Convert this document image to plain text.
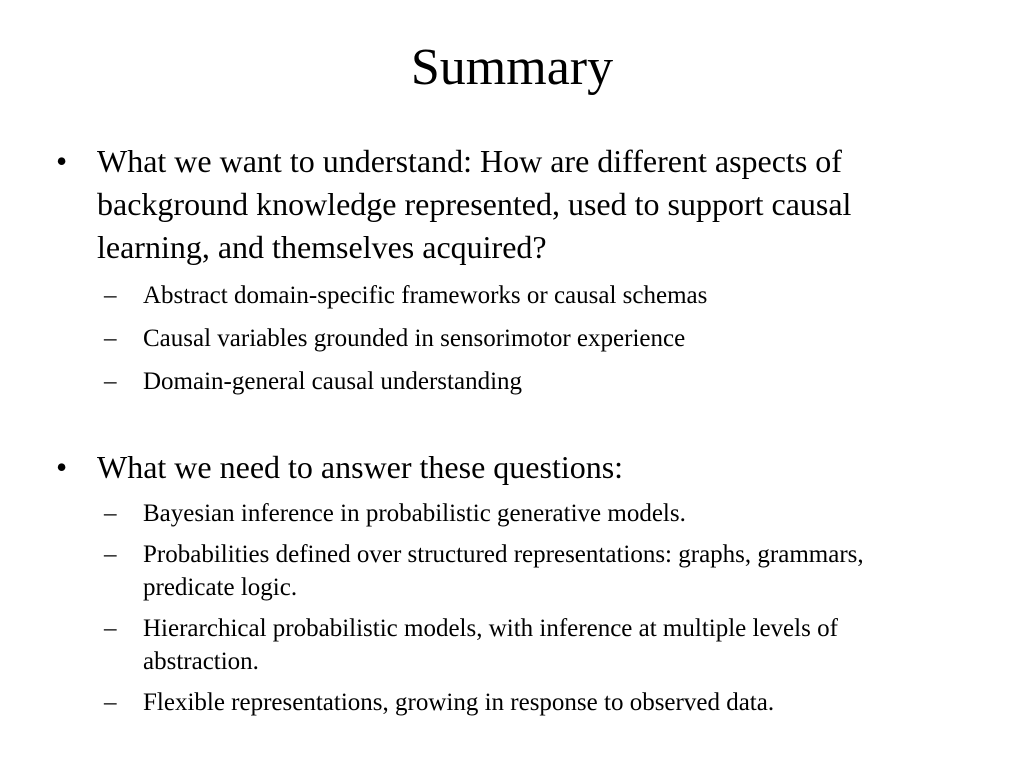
Summary
• What we want to understand: How are different aspects of background knowledge represented, used to support causal learning, and themselves acquired?
– Abstract domain-specific frameworks or causal schemas
– Causal variables grounded in sensorimotor experience
– Domain-general causal understanding
• What we need to answer these questions:
– Bayesian inference in probabilistic generative models.
– Probabilities defined over structured representations: graphs, grammars, predicate logic.
– Hierarchical probabilistic models, with inference at multiple levels of abstraction.
– Flexible representations, growing in response to observed data.
